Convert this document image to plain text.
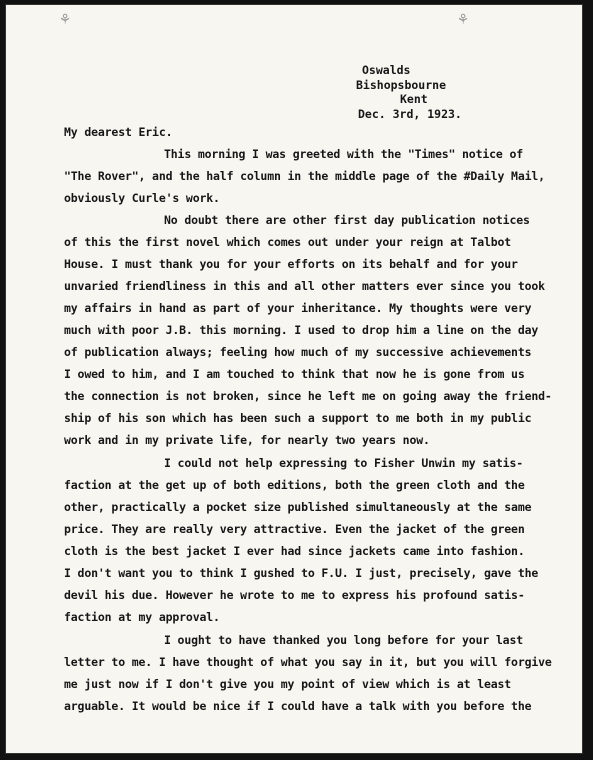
⚘	⚘
Oswalds
Bishopsbourne
Kent
Dec. 3rd, 1923.
My dearest Eric.
This morning I was greeted with the "Times" notice of
"The Rover", and the half column in the middle page of the #Daily Mail,
obviously Curle's work.
No doubt there are other first day publication notices
of this the first novel which comes out under your reign at Talbot
House. I must thank you for your efforts on its behalf and for your
unvaried friendliness in this and all other matters ever since you took
my affairs in hand as part of your inheritance. My thoughts were very
much with poor J.B. this morning. I used to drop him a line on the day
of publication always; feeling how much of my successive achievements
I owed to him, and I am touched to think that now he is gone from us
the connection is not broken, since he left me on going away the friend-
ship of his son which has been such a support to me both in my public
work and in my private life, for nearly two years now.
I could not help expressing to Fisher Unwin my satis-
faction at the get up of both editions, both the green cloth and the
other, practically a pocket size published simultaneously at the same
price. They are really very attractive. Even the jacket of the green
cloth is the best jacket I ever had since jackets came into fashion.
I don't want you to think I gushed to F.U. I just, precisely, gave the
devil his due. However he wrote to me to express his profound satis-
faction at my approval.
I ought to have thanked you long before for your last
letter to me. I have thought of what you say in it, but you will forgive
me just now if I don't give you my point of view which is at least
arguable. It would be nice if I could have a talk with you before the
